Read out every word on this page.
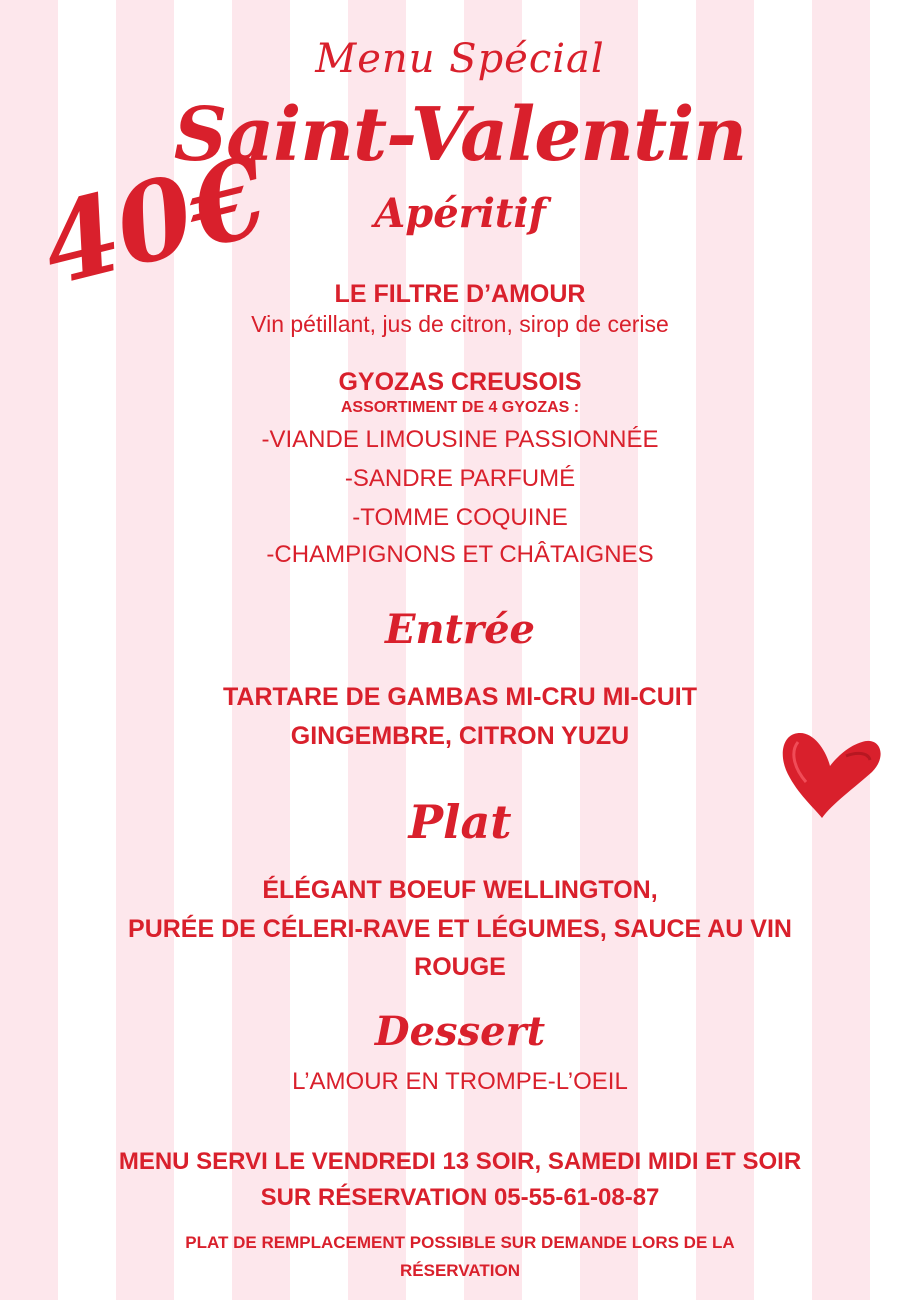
Menu Spécial
Saint-Valentin
40€	Apéritif
LE FILTRE D’AMOUR
Vin pétillant, jus de citron, sirop de cerise
GYOZAS CREUSOIS
ASSORTIMENT DE 4 GYOZAS :
-VIANDE LIMOUSINE PASSIONNÉE
-SANDRE PARFUMÉ
-TOMME COQUINE
-CHAMPIGNONS ET CHÂTAIGNES
Entrée
TARTARE DE GAMBAS MI-CRU MI-CUIT
GINGEMBRE, CITRON YUZU
Plat
ÉLÉGANT BOEUF WELLINGTON,
PURÉE DE CÉLERI-RAVE ET LÉGUMES, SAUCE AU VIN
ROUGE
Dessert
L’AMOUR EN TROMPE-L’OEIL
MENU SERVI LE VENDREDI 13 SOIR, SAMEDI MIDI ET SOIR
SUR RÉSERVATION 05-55-61-08-87
PLAT DE REMPLACEMENT POSSIBLE SUR DEMANDE LORS DE LA
RÉSERVATION
